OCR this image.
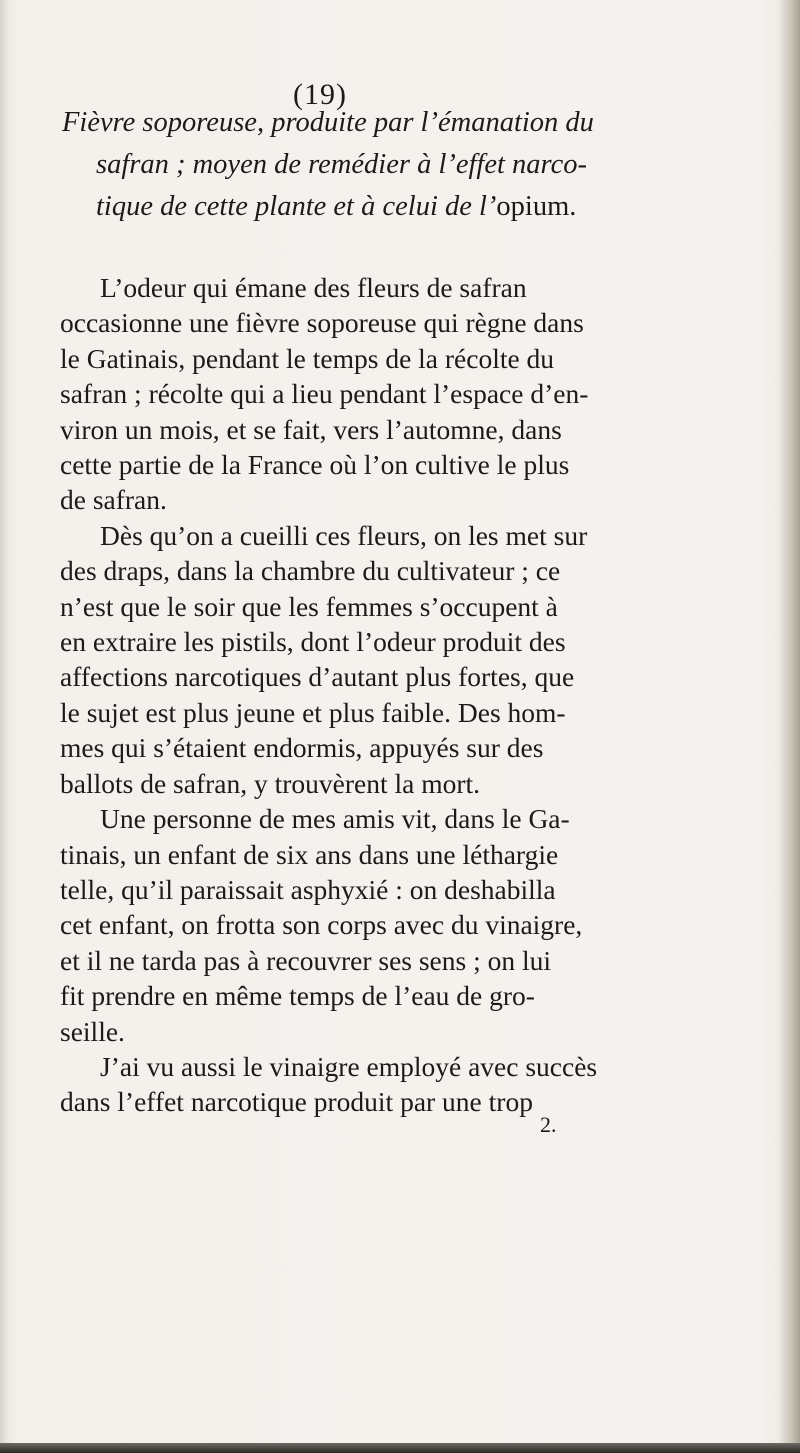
(19)
Fièvre soporeuse, produite par l’émanation du
safran ; moyen de remédier à l’effet narco-
tique de cette plante et à celui de l’opium.

L’odeur qui émane des fleurs de safran
occasionne une fièvre soporeuse qui règne dans
le Gatinais, pendant le temps de la récolte du
safran ; récolte qui a lieu pendant l’espace d’en-
viron un mois, et se fait, vers l’automne, dans
cette partie de la France où l’on cultive le plus
de safran.

Dès qu’on a cueilli ces fleurs, on les met sur
des draps, dans la chambre du cultivateur ; ce
n’est que le soir que les femmes s’occupent à
en extraire les pistils, dont l’odeur produit des
affections narcotiques d’autant plus fortes, que
le sujet est plus jeune et plus faible. Des hom-
mes qui s’étaient endormis, appuyés sur des
ballots de safran, y trouvèrent la mort.

Une personne de mes amis vit, dans le Ga-
tinais, un enfant de six ans dans une léthargie
telle, qu’il paraissait asphyxié : on deshabilla
cet enfant, on frotta son corps avec du vinaigre,
et il ne tarda pas à recouvrer ses sens ; on lui
fit prendre en même temps de l’eau de gro-
seille.

J’ai vu aussi le vinaigre employé avec succès
dans l’effet narcotique produit par une trop

2.
